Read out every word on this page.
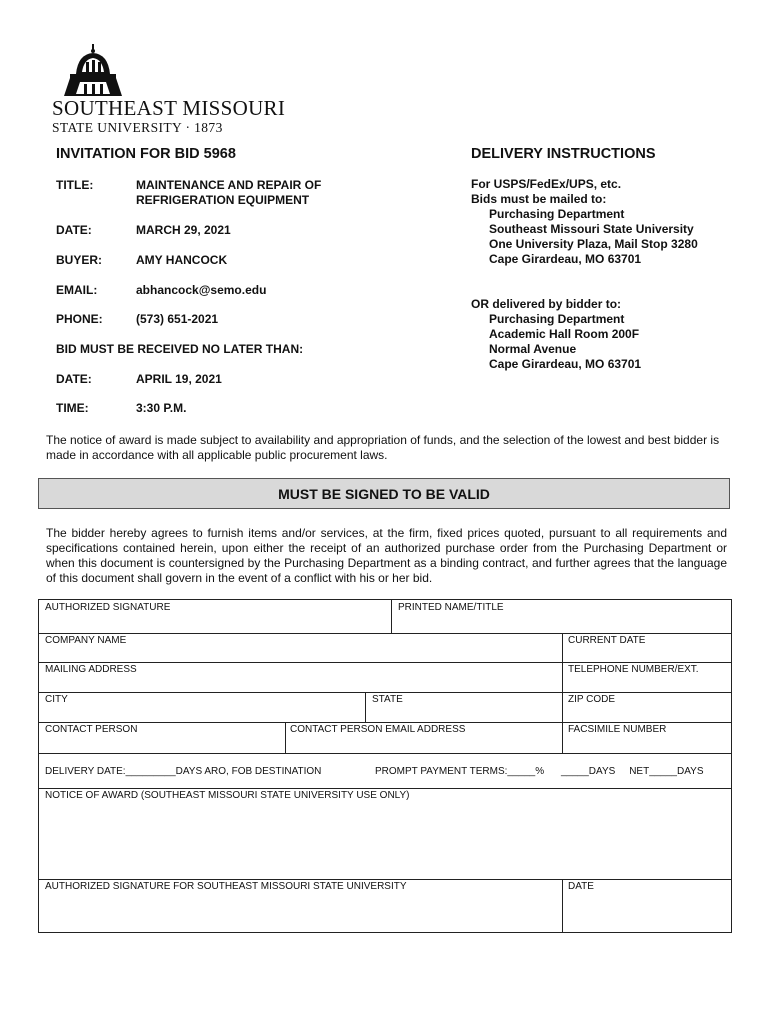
SOUTHEAST MISSOURI
STATE UNIVERSITY · 1873
INVITATION FOR BID 5968	DELIVERY INSTRUCTIONS
TITLE:	MAINTENANCE AND REPAIR OF
REFRIGERATION EQUIPMENT
DATE:	MARCH 29, 2021
BUYER:	AMY HANCOCK
EMAIL:	abhancock@semo.edu
PHONE:	(573) 651-2021
BID MUST BE RECEIVED NO LATER THAN:
DATE:	APRIL 19, 2021
TIME:	3:30 P.M.
For USPS/FedEx/UPS, etc.
Bids must be mailed to:
Purchasing Department
Southeast Missouri State University
One University Plaza, Mail Stop 3280
Cape Girardeau, MO 63701
OR delivered by bidder to:
Purchasing Department
Academic Hall Room 200F
Normal Avenue
Cape Girardeau, MO 63701
The notice of award is made subject to availability and appropriation of funds, and the selection of the lowest and best bidder is made in accordance with all applicable public procurement laws.
MUST BE SIGNED TO BE VALID
The bidder hereby agrees to furnish items and/or services, at the firm, fixed prices quoted, pursuant to all requirements and specifications contained herein, upon either the receipt of an authorized purchase order from the Purchasing Department or when this document is countersigned by the Purchasing Department as a binding contract, and further agrees that the language of this document shall govern in the event of a conflict with his or her bid.
AUTHORIZED SIGNATURE	PRINTED NAME/TITLE
COMPANY NAME	CURRENT DATE
MAILING ADDRESS	TELEPHONE NUMBER/EXT.
CITY	STATE	ZIP CODE
CONTACT PERSON	CONTACT PERSON EMAIL ADDRESS	FACSIMILE NUMBER
DELIVERY DATE:_________DAYS ARO, FOB DESTINATION	PROMPT PAYMENT TERMS:_____% _____DAYS     NET_____DAYS
NOTICE OF AWARD (SOUTHEAST MISSOURI STATE UNIVERSITY USE ONLY)
AUTHORIZED SIGNATURE FOR SOUTHEAST MISSOURI STATE UNIVERSITY	DATE
